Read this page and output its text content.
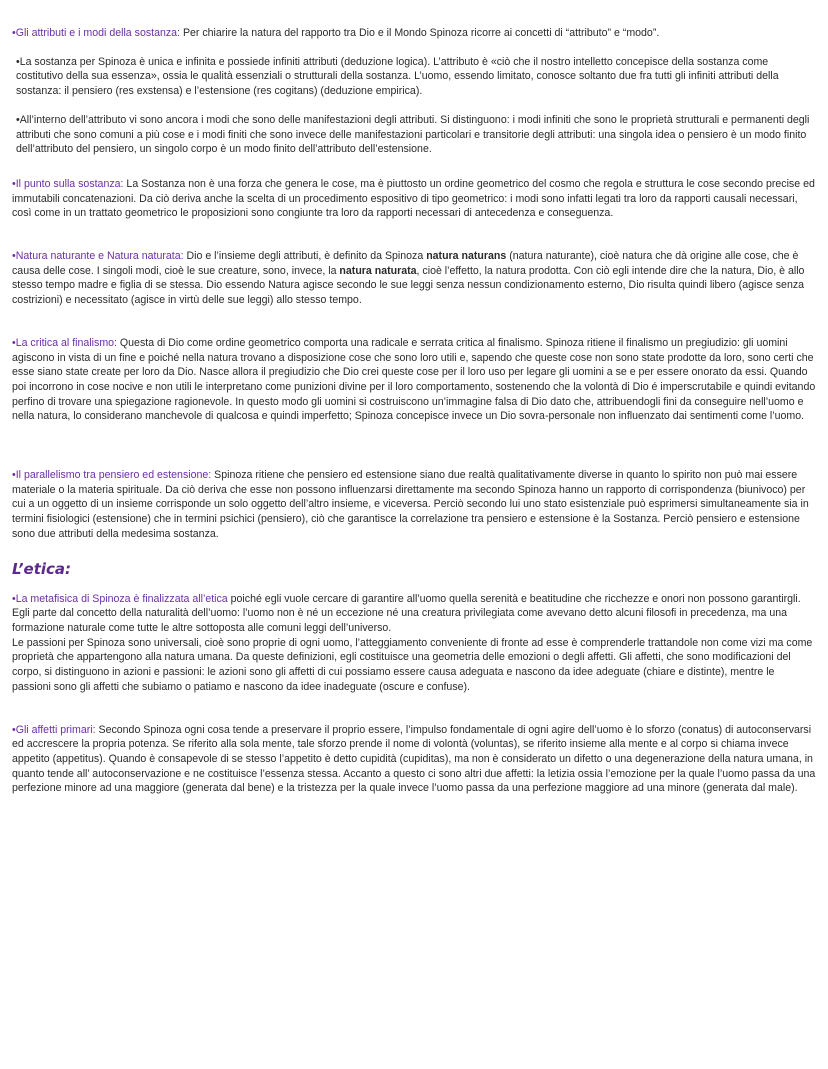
•Gli attributi e i modi della sostanza: Per chiarire la natura del rapporto tra Dio e il Mondo Spinoza ricorre ai concetti di “attributo” e “modo”.

•La sostanza per Spinoza è unica e infinita e possiede infiniti attributi (deduzione logica). L’attributo è «ciò che il nostro intelletto concepisce della sostanza come costitutivo della sua essenza», ossia le qualità essenziali o strutturali della sostanza. L’uomo, essendo limitato, conosce soltanto due fra tutti gli infiniti attributi della sostanza: il pensiero (res exstensa) e l’estensione (res cogitans) (deduzione empirica).

•All’interno dell’attributo vi sono ancora i modi che sono delle manifestazioni degli attributi. Si distinguono: i modi infiniti che sono le proprietà strutturali e permanenti degli attributi che sono comuni a più cose e i modi finiti che sono invece delle manifestazioni particolari e transitorie degli attributi: una singola idea o pensiero è un modo finito dell’attributo del pensiero, un singolo corpo è un modo finito dell’attributo dell’estensione.

•Il punto sulla sostanza: La Sostanza non è una forza che genera le cose, ma è piuttosto un ordine geometrico del cosmo che regola e struttura le cose secondo precise ed immutabili concatenazioni. Da ciò deriva anche la scelta di un procedimento espositivo di tipo geometrico: i modi sono infatti legati tra loro da rapporti causali necessari, così come in un trattato geometrico le proposizioni sono congiunte tra loro da rapporti necessari di antecedenza e conseguenza.

•Natura naturante e Natura naturata: Dio e l’insieme degli attributi, è definito da Spinoza natura naturans (natura naturante), cioè natura che dà origine alle cose, che è causa delle cose. I singoli modi, cioè le sue creature, sono, invece, la natura naturata, cioè l’effetto, la natura prodotta. Con ciò egli intende dire che la natura, Dio, è allo stesso tempo madre e figlia di se stessa. Dio essendo Natura agisce secondo le sue leggi senza nessun condizionamento esterno, Dio risulta quindi libero (agisce senza costrizioni) e necessitato (agisce in virtù delle sue leggi) allo stesso tempo.

•La critica al finalismo: Questa di Dio come ordine geometrico comporta una radicale e serrata critica al finalismo. Spinoza ritiene il finalismo un pregiudizio: gli uomini agiscono in vista di un fine e poiché nella natura trovano a disposizione cose che sono loro utili e, sapendo che queste cose non sono state prodotte da loro, sono certi che esse siano state create per loro da Dio. Nasce allora il pregiudizio che Dio crei queste cose per il loro uso per legare gli uomini a se e per essere onorato da essi. Quando poi incorrono in cose nocive e non utili le interpretano come punizioni divine per il loro comportamento, sostenendo che la volontà di Dio é imperscrutabile e quindi evitando perfino di trovare una spiegazione ragionevole. In questo modo gli uomini si costruiscono un’immagine falsa di Dio dato che, attribuendogli fini da conseguire nell’uomo e nella natura, lo considerano manchevole di qualcosa e quindi imperfetto; Spinoza concepisce invece un Dio sovra-personale non influenzato dai sentimenti come l’uomo.

•Il parallelismo tra pensiero ed estensione: Spinoza ritiene che pensiero ed estensione siano due realtà qualitativamente diverse in quanto lo spirito non può mai essere materiale o la materia spirituale. Da ciò deriva che esse non possono influenzarsi direttamente ma secondo Spinoza hanno un rapporto di corrispondenza (biunivoco) per cui a un oggetto di un insieme corrisponde un solo oggetto dell’altro insieme, e viceversa. Perciò secondo lui uno stato esistenziale può esprimersi simultaneamente sia in termini fisiologici (estensione) che in termini psichici (pensiero), ciò che garantisce la correlazione tra pensiero e estensione è la Sostanza. Perciò pensiero e estensione sono due attributi della medesima sostanza.

L’etica:

•La metafisica di Spinoza è finalizzata all’etica poiché egli vuole cercare di garantire all’uomo quella serenità e beatitudine che ricchezze e onori non possono garantirgli. Egli parte dal concetto della naturalità dell’uomo: l’uomo non è né un eccezione né una creatura privilegiata come avevano detto alcuni filosofi in precedenza, ma una formazione naturale come tutte le altre sottoposta alle comuni leggi dell’universo.

Le passioni per Spinoza sono universali, cioè sono proprie di ogni uomo, l’atteggiamento conveniente di fronte ad esse è comprenderle trattandole non come vizi ma come proprietà che appartengono alla natura umana. Da queste definizioni, egli costituisce una geometria delle emozioni o degli affetti. Gli affetti, che sono modificazioni del corpo, si distinguono in azioni e passioni: le azioni sono gli affetti di cui possiamo essere causa adeguata e nascono da idee adeguate (chiare e distinte), mentre le passioni sono gli affetti che subiamo o patiamo e nascono da idee inadeguate (oscure e confuse).

•Gli affetti primari: Secondo Spinoza ogni cosa tende a preservare il proprio essere, l’impulso fondamentale di ogni agire dell’uomo è lo sforzo (conatus) di autoconservarsi ed accrescere la propria potenza. Se riferito alla sola mente, tale sforzo prende il nome di volontà (voluntas), se riferito insieme alla mente e al corpo si chiama invece appetito (appetitus). Quando è consapevole di se stesso l’appetito è detto cupidità (cupiditas), ma non è considerato un difetto o una degenerazione della natura umana, in quanto tende all’ autoconservazione e ne costituisce l’essenza stessa. Accanto a questo ci sono altri due affetti: la letizia ossia l’emozione per la quale l’uomo passa da una perfezione minore ad una maggiore (generata dal bene) e la tristezza per la quale invece l’uomo passa da una perfezione maggiore ad una minore (generata dal male).
